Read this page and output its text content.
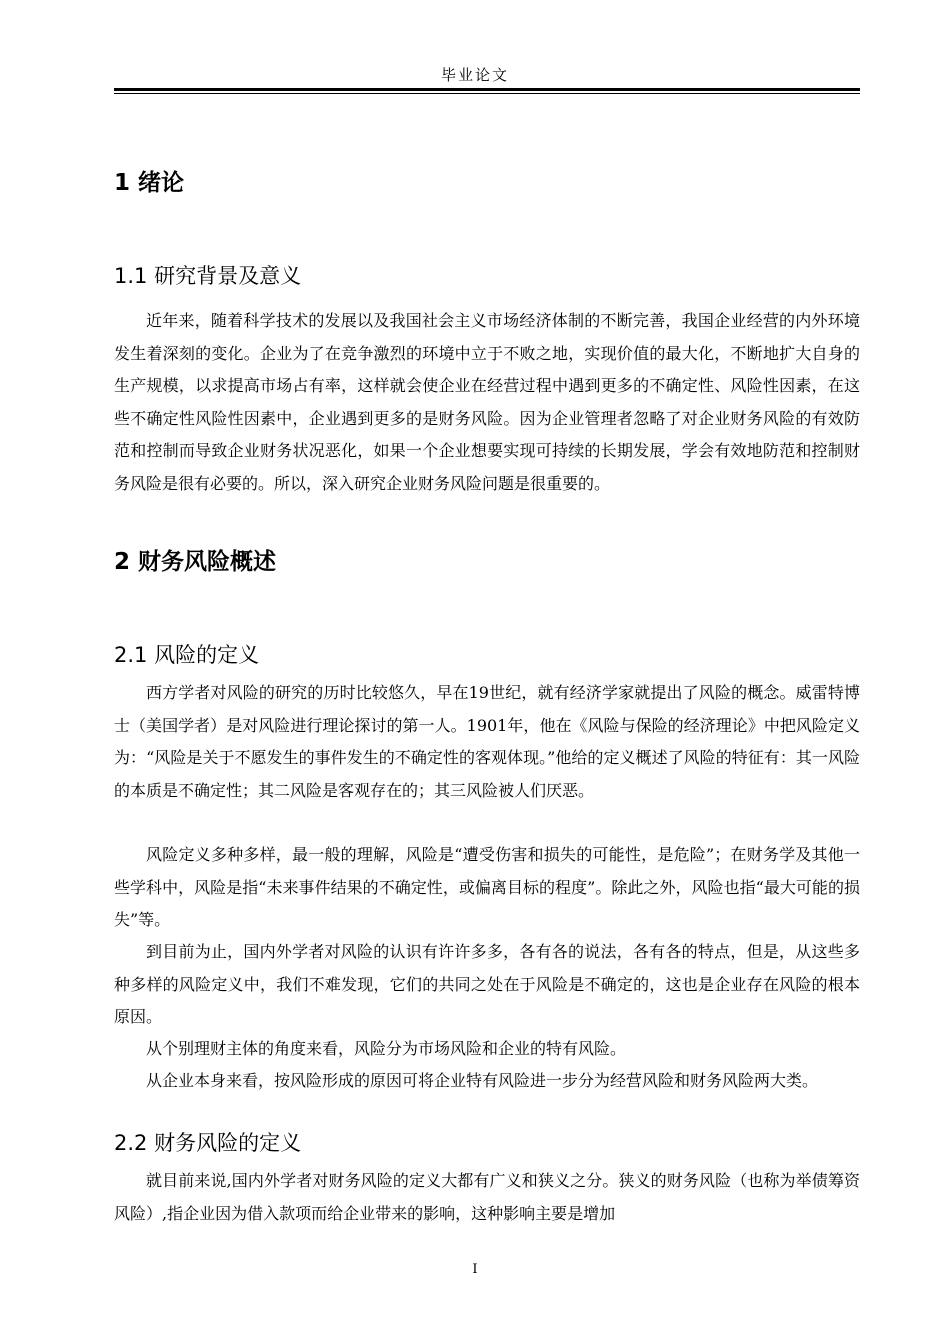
毕业论文
1 绪论
1.1 研究背景及意义

近年来，随着科学技术的发展以及我国社会主义市场经济体制的不断完善，我国企业经营的内外环境发生着深刻的变化。企业为了在竞争激烈的环境中立于不败之地，实现价值的最大化，不断地扩大自身的生产规模，以求提高市场占有率，这样就会使企业在经营过程中遇到更多的不确定性、风险性因素，在这些不确定性风险性因素中，企业遇到更多的是财务风险。因为企业管理者忽略了对企业财务风险的有效防范和控制而导致企业财务状况恶化，如果一个企业想要实现可持续的长期发展，学会有效地防范和控制财务风险是很有必要的。所以，深入研究企业财务风险问题是很重要的。

2 财务风险概述
2.1 风险的定义

西方学者对风险的研究的历时比较悠久，早在19世纪，就有经济学家就提出了风险的概念。威雷特博士（美国学者）是对风险进行理论探讨的第一人。1901年，他在《风险与保险的经济理论》中把风险定义为：“风险是关于不愿发生的事件发生的不确定性的客观体现。”他给的定义概述了风险的特征有：其一风险的本质是不确定性；其二风险是客观存在的；其三风险被人们厌恶。

风险定义多种多样，最一般的理解，风险是“遭受伤害和损失的可能性，是危险”；在财务学及其他一些学科中，风险是指“未来事件结果的不确定性，或偏离目标的程度”。除此之外，风险也指“最大可能的损失”等。

到目前为止，国内外学者对风险的认识有许许多多，各有各的说法，各有各的特点，但是，从这些多种多样的风险定义中，我们不难发现，它们的共同之处在于风险是不确定的，这也是企业存在风险的根本原因。

从个别理财主体的角度来看，风险分为市场风险和企业的特有风险。

从企业本身来看，按风险形成的原因可将企业特有风险进一步分为经营风险和财务风险两大类。

2.2 财务风险的定义

就目前来说,国内外学者对财务风险的定义大都有广义和狭义之分。狭义的财务风险（也称为举债筹资风险）,指企业因为借入款项而给企业带来的影响，这种影响主要是增加

I
